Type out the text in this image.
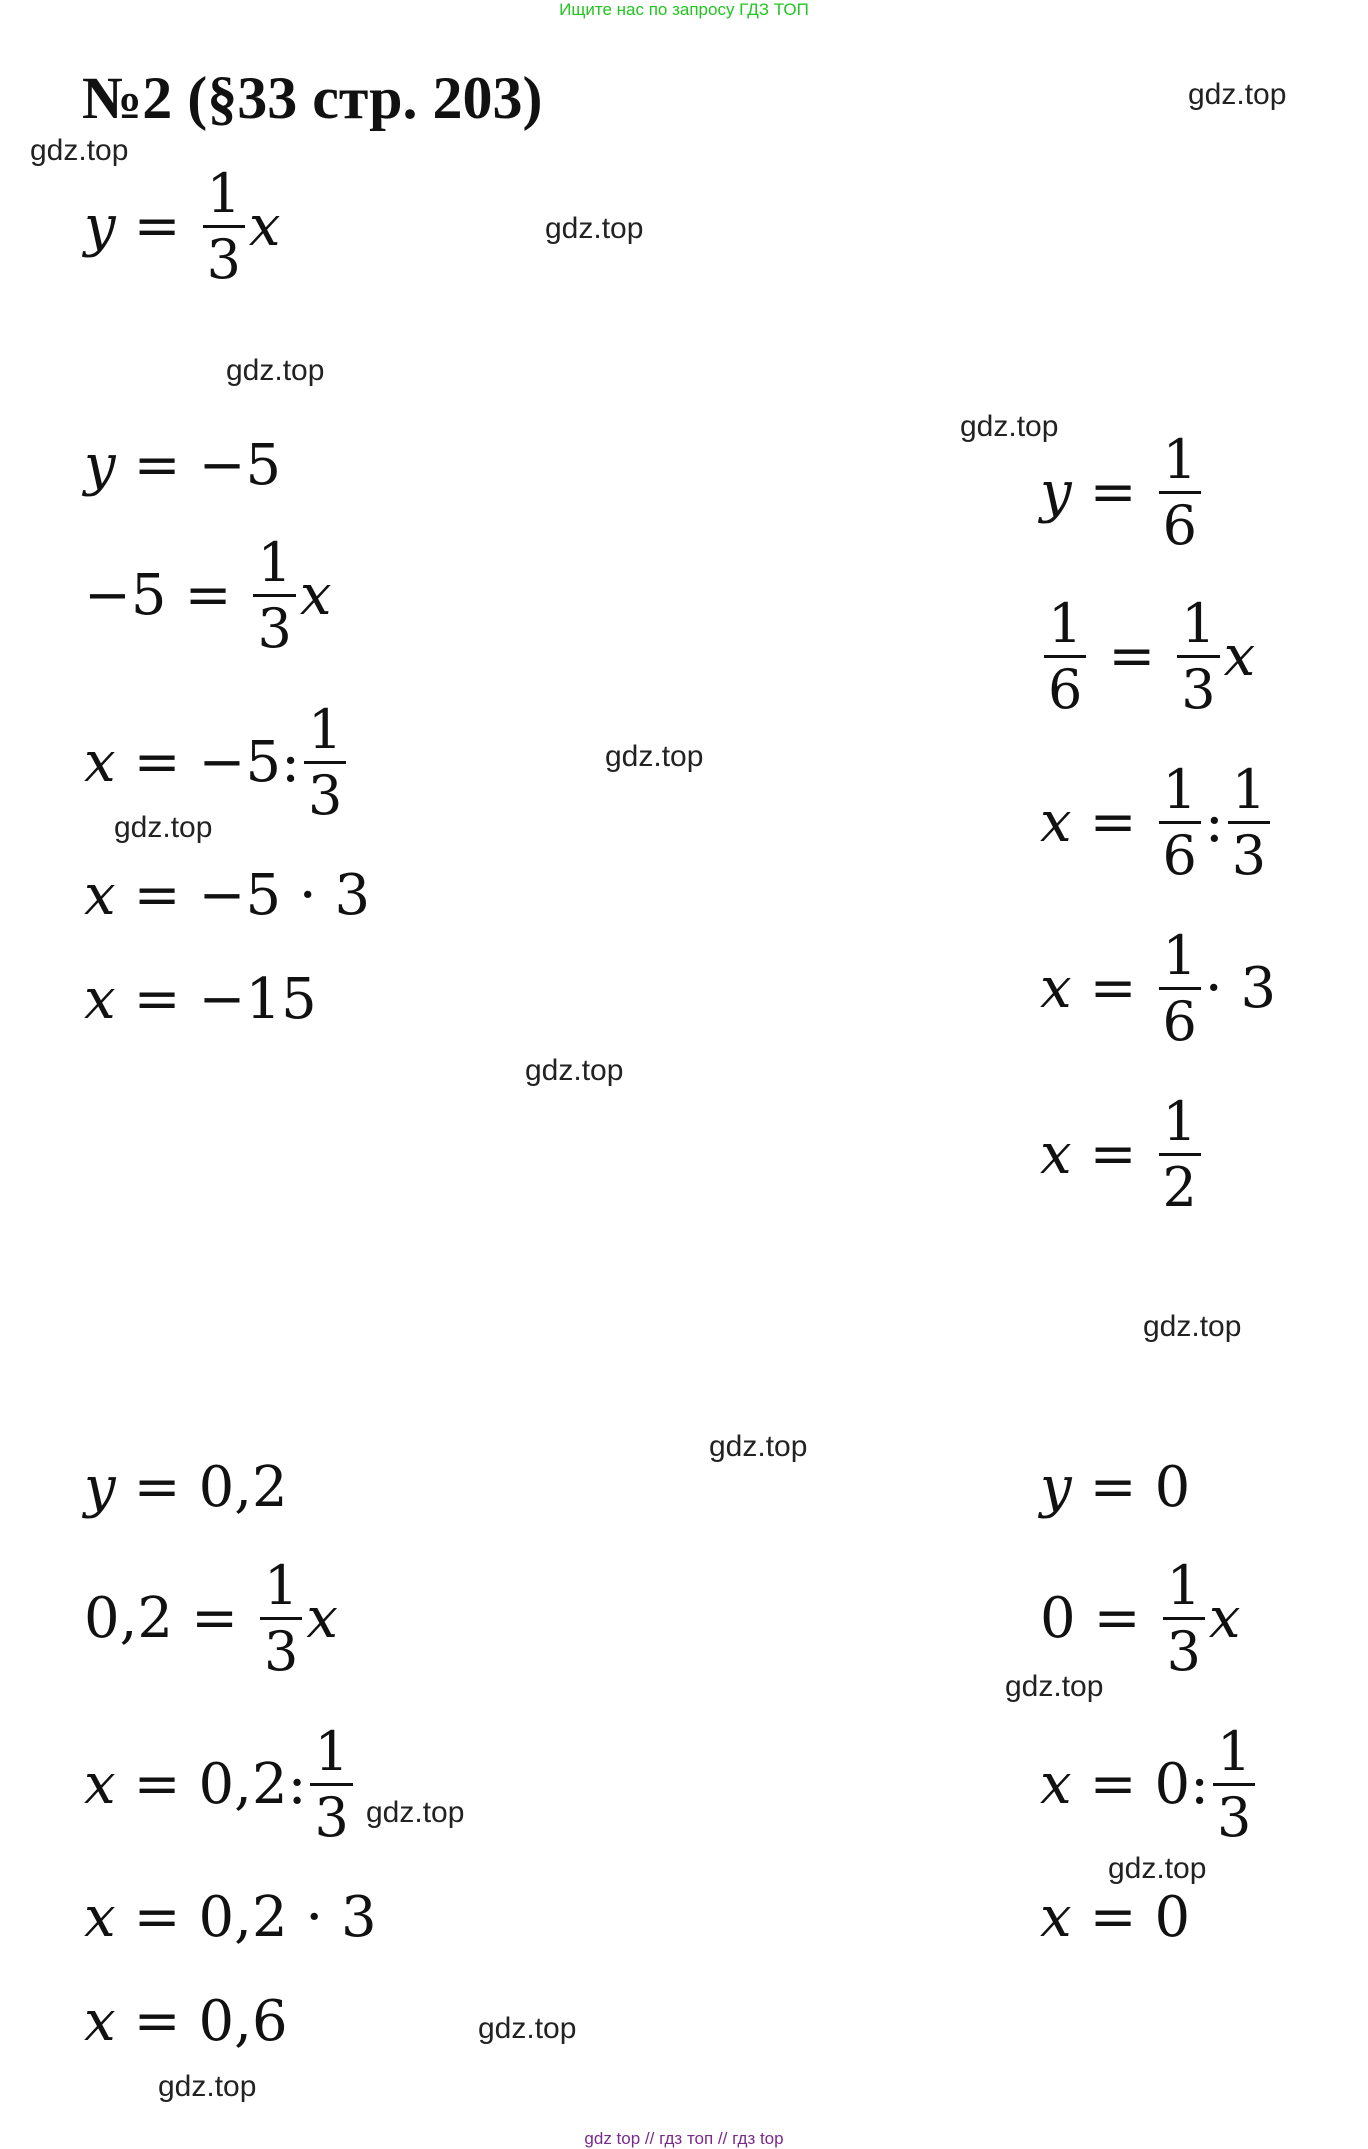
Ищите нас по запросу ГДЗ ТОП
№2 (§33 стр. 203)	gdz.top
gdz.top
gdz.top
gdz.top
gdz.top
gdz.top
gdz.top
gdz.top
gdz.top
gdz.top
gdz.top
gdz.top
gdz.top
gdz.top
gdz.top
$y = \frac{1}{3}$ x
y = −5
$-5 = \frac{1}{3}$ x
x = −5: $\frac{1}{3}$
x = −5 · 3
x = −15
$y = \frac{1}{6}$
$\frac{1}{6} = \frac{1}{3}$ x
$x = \frac{1}{6}$ : $\frac{1}{3}$
$x = \frac{1}{6} \cdot 3$
$x = \frac{1}{2}$
y = 0,2
$0,2 = \frac{1}{3}$ x
x = 0,2: $\frac{1}{3}$
x = 0,2 · 3
x = 0,6
y = 0
$0 = \frac{1}{3}$ x
x = 0: $\frac{1}{3}$
x = 0
gdz top // гдз топ // гдз top
